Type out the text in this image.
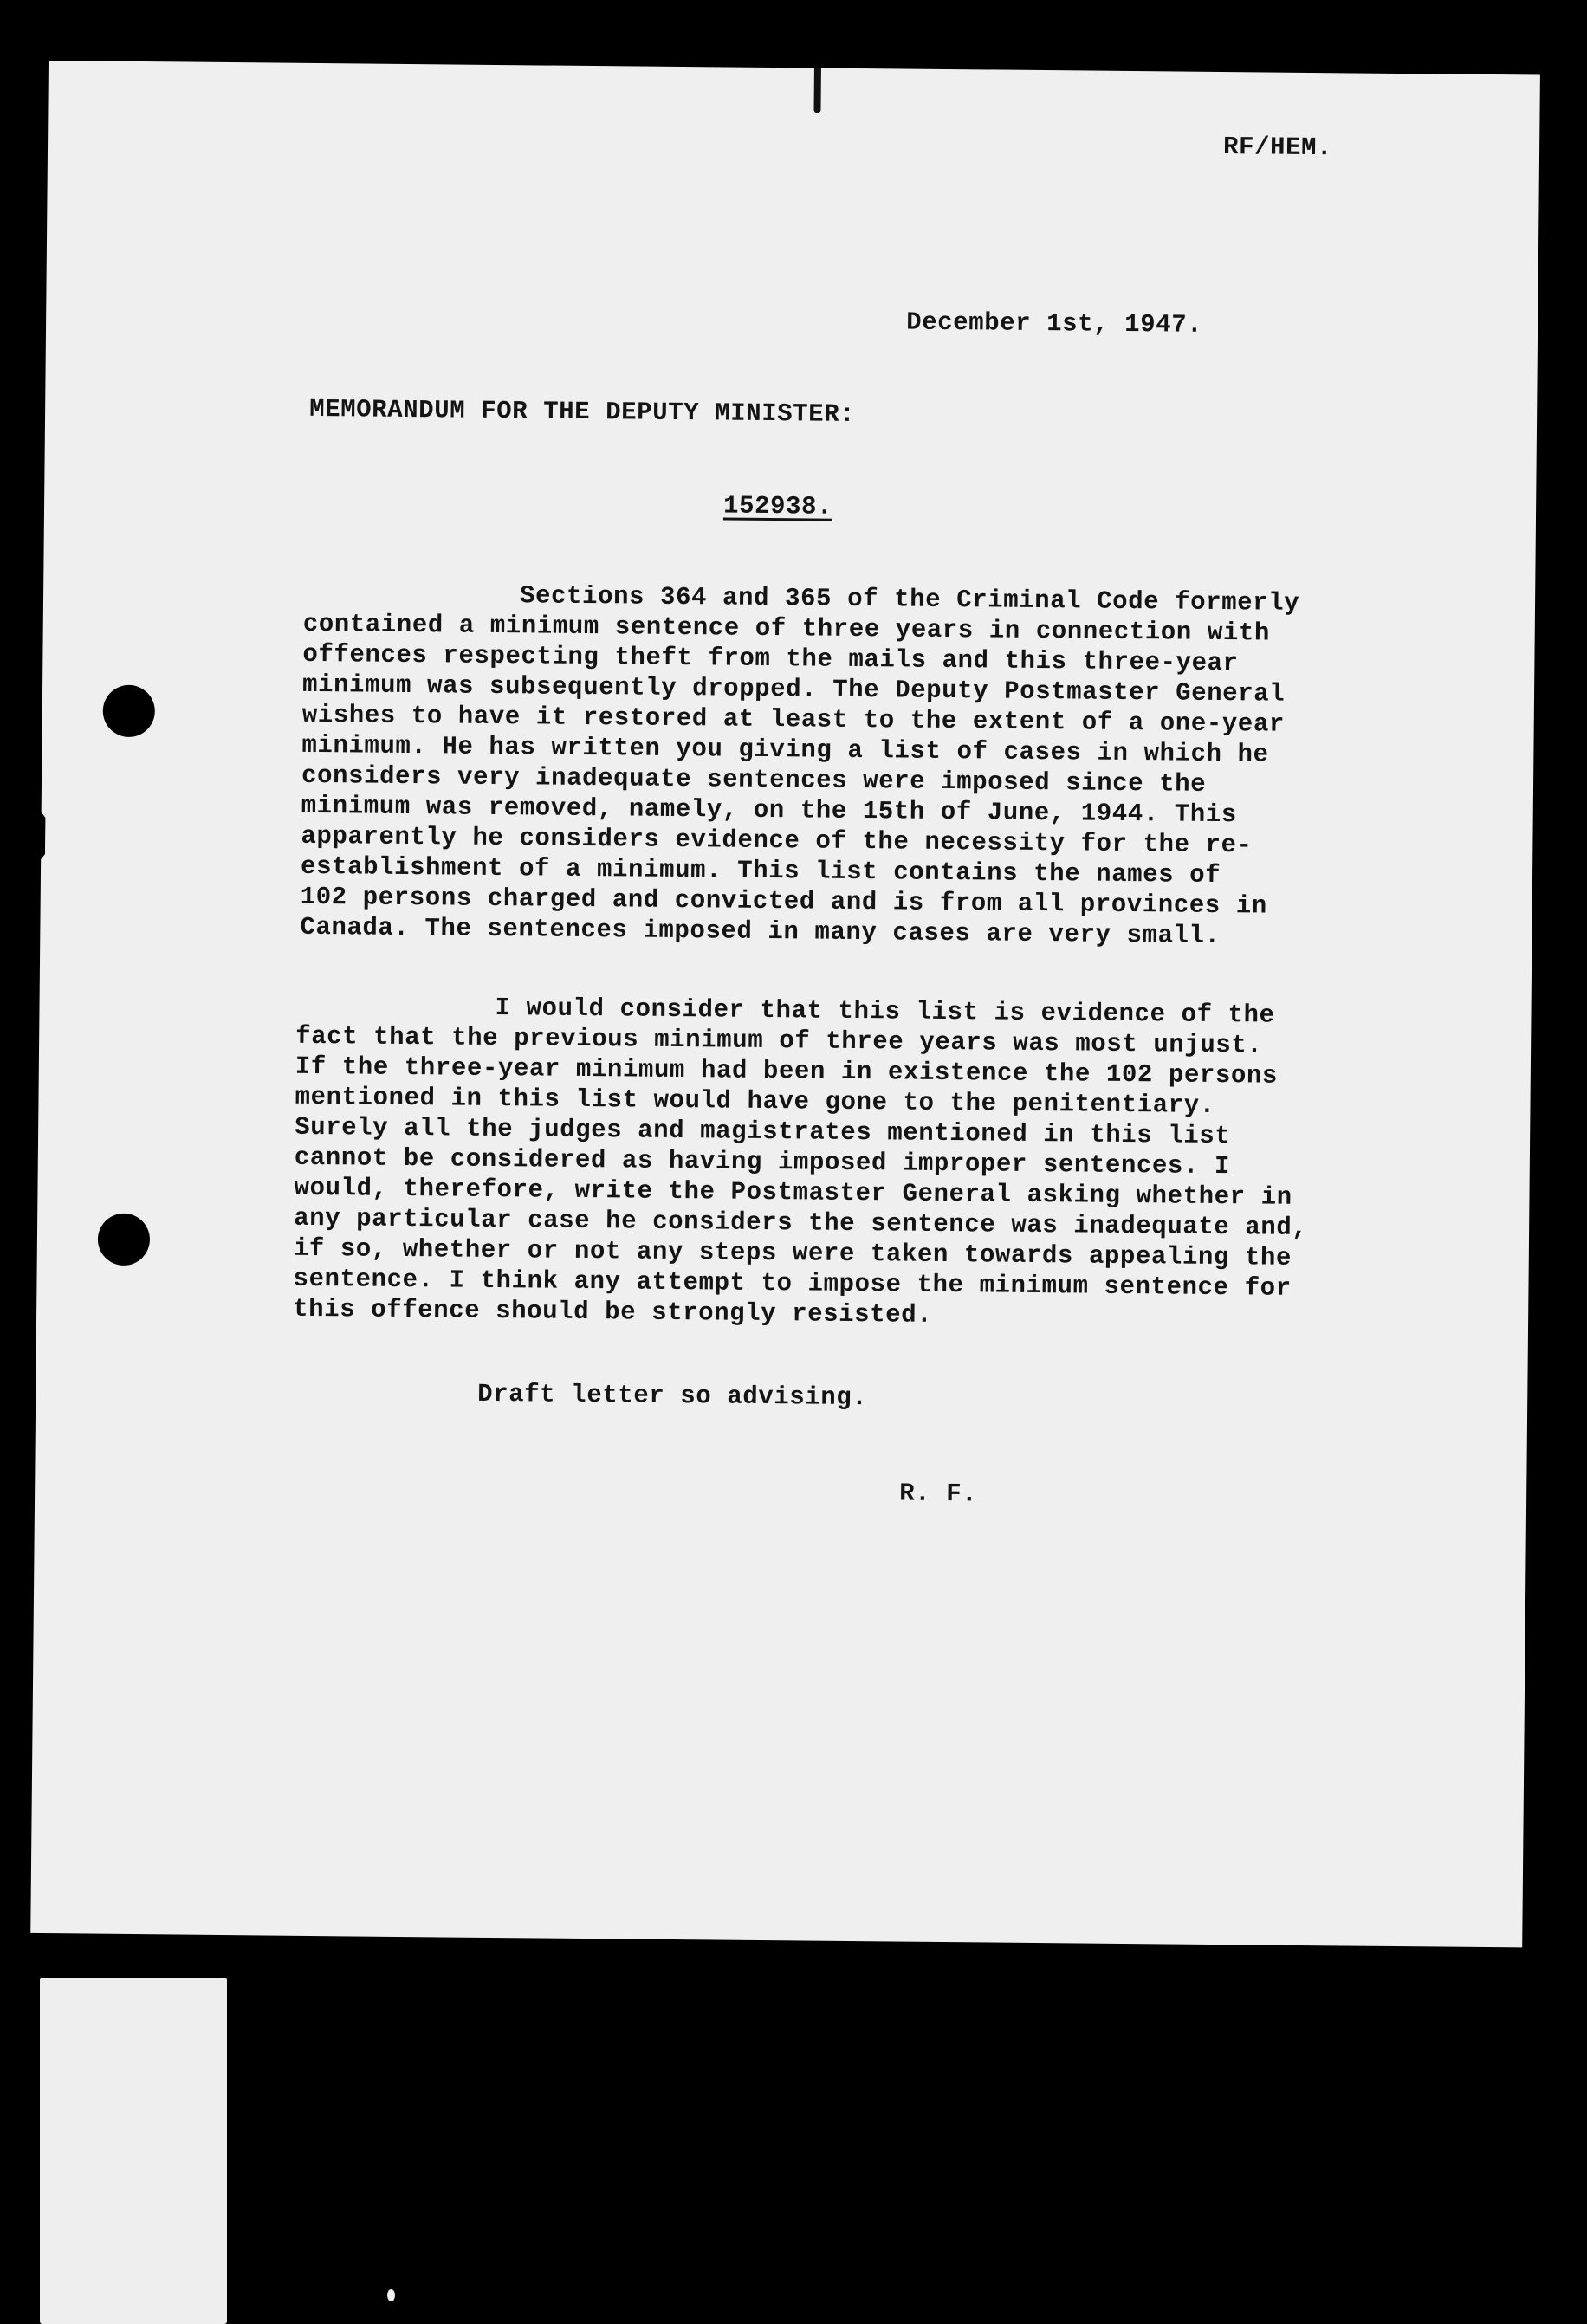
RF/HEM.
December 1st, 1947.
MEMORANDUM FOR THE DEPUTY MINISTER:
152938.
Sections 364 and 365 of the Criminal Code formerly
contained a minimum sentence of three years in connection with
offences respecting theft from the mails and this three-year
minimum was subsequently dropped. The Deputy Postmaster General
wishes to have it restored at least to the extent of a one-year
minimum. He has written you giving a list of cases in which he
considers very inadequate sentences were imposed since the
minimum was removed, namely, on the 15th of June, 1944. This
apparently he considers evidence of the necessity for the re-
establishment of a minimum. This list contains the names of
102 persons charged and convicted and is from all provinces in
Canada. The sentences imposed in many cases are very small.
I would consider that this list is evidence of the
fact that the previous minimum of three years was most unjust.
If the three-year minimum had been in existence the 102 persons
mentioned in this list would have gone to the penitentiary.
Surely all the judges and magistrates mentioned in this list
cannot be considered as having imposed improper sentences. I
would, therefore, write the Postmaster General asking whether in
any particular case he considers the sentence was inadequate and,
if so, whether or not any steps were taken towards appealing the
sentence. I think any attempt to impose the minimum sentence for
this offence should be strongly resisted.
Draft letter so advising.
R. F.
